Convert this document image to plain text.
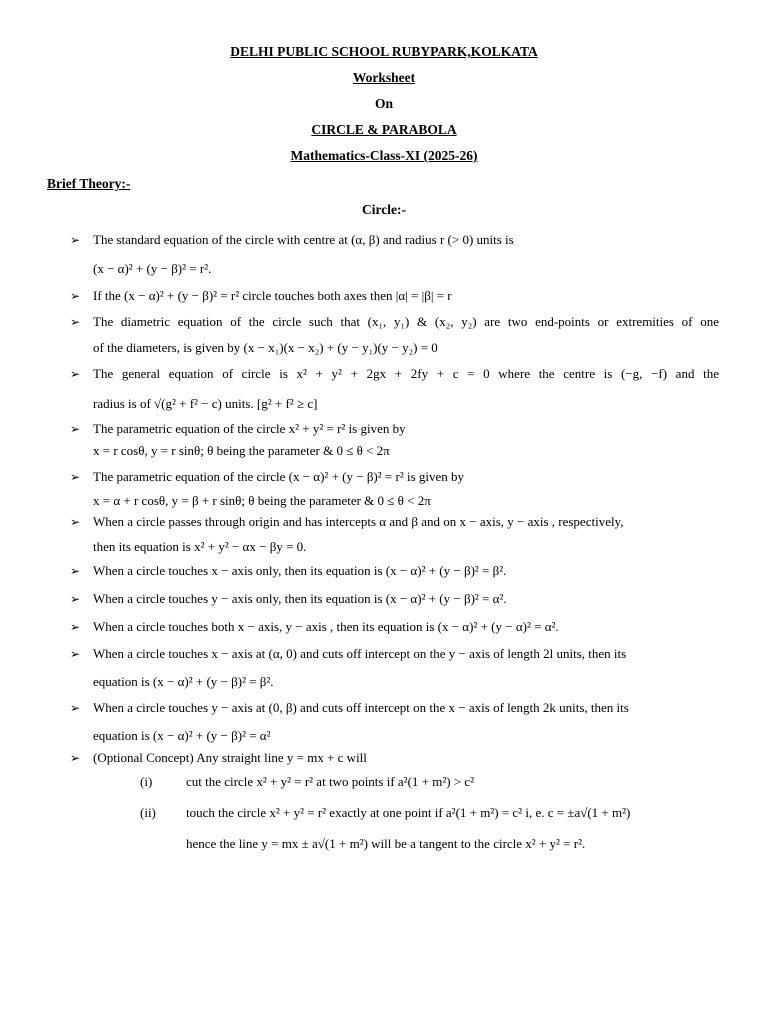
DELHI PUBLIC SCHOOL RUBYPARK,KOLKATA
Worksheet
On
CIRCLE & PARABOLA
Mathematics-Class-XI (2025-26)
Brief Theory:-
Circle:-
➢ The standard equation of the circle with centre at (α, β) and radius r (> 0) units is
(x − α)² + (y − β)² = r².
➢ If the (x − α)² + (y − β)² = r² circle touches both axes then |α| = |β| = r
➢ The diametric equation of the circle such that (x₁, y₁) & (x₂, y₂) are two end-points or extremities of one
of the diameters, is given by (x − x₁)(x − x₂) + (y − y₁)(y − y₂) = 0
➢ The general equation of circle is x² + y² + 2gx + 2fy + c = 0 where the centre is (−g, −f) and the
radius is of √(g² + f² − c) units. [g² + f² ≥ c]
➢ The parametric equation of the circle x² + y² = r² is given by
x = r cosθ, y = r sinθ; θ being the parameter & 0 ≤ θ < 2π
➢ The parametric equation of the circle (x − α)² + (y − β)² = r² is given by
x = α + r cosθ, y = β + r sinθ; θ being the parameter & 0 ≤ θ < 2π
➢ When a circle passes through origin and has intercepts α and β and on x − axis, y − axis , respectively,
then its equation is x² + y² − αx − βy = 0.
➢ When a circle touches x − axis only, then its equation is (x − α)² + (y − β)² = β².
➢ When a circle touches y − axis only, then its equation is (x − α)² + (y − β)² = α².
➢ When a circle touches both x − axis, y − axis , then its equation is (x − α)² + (y − α)² = α².
➢ When a circle touches x − axis at (α, 0) and cuts off intercept on the y − axis of length 2l units, then its
equation is (x − α)² + (y − β)² = β².
➢ When a circle touches y − axis at (0, β) and cuts off intercept on the x − axis of length 2k units, then its
equation is (x − α)² + (y − β)² = α²
➢ (Optional Concept) Any straight line y = mx + c will
(i)	cut the circle x² + y² = r² at two points if a²(1 + m²) > c²
(ii) touch the circle x² + y² = r² exactly at one point if a²(1 + m²) = c² i, e. c = ±a√(1 + m²)
hence the line y = mx ± a√(1 + m²) will be a tangent to the circle x² + y² = r².
